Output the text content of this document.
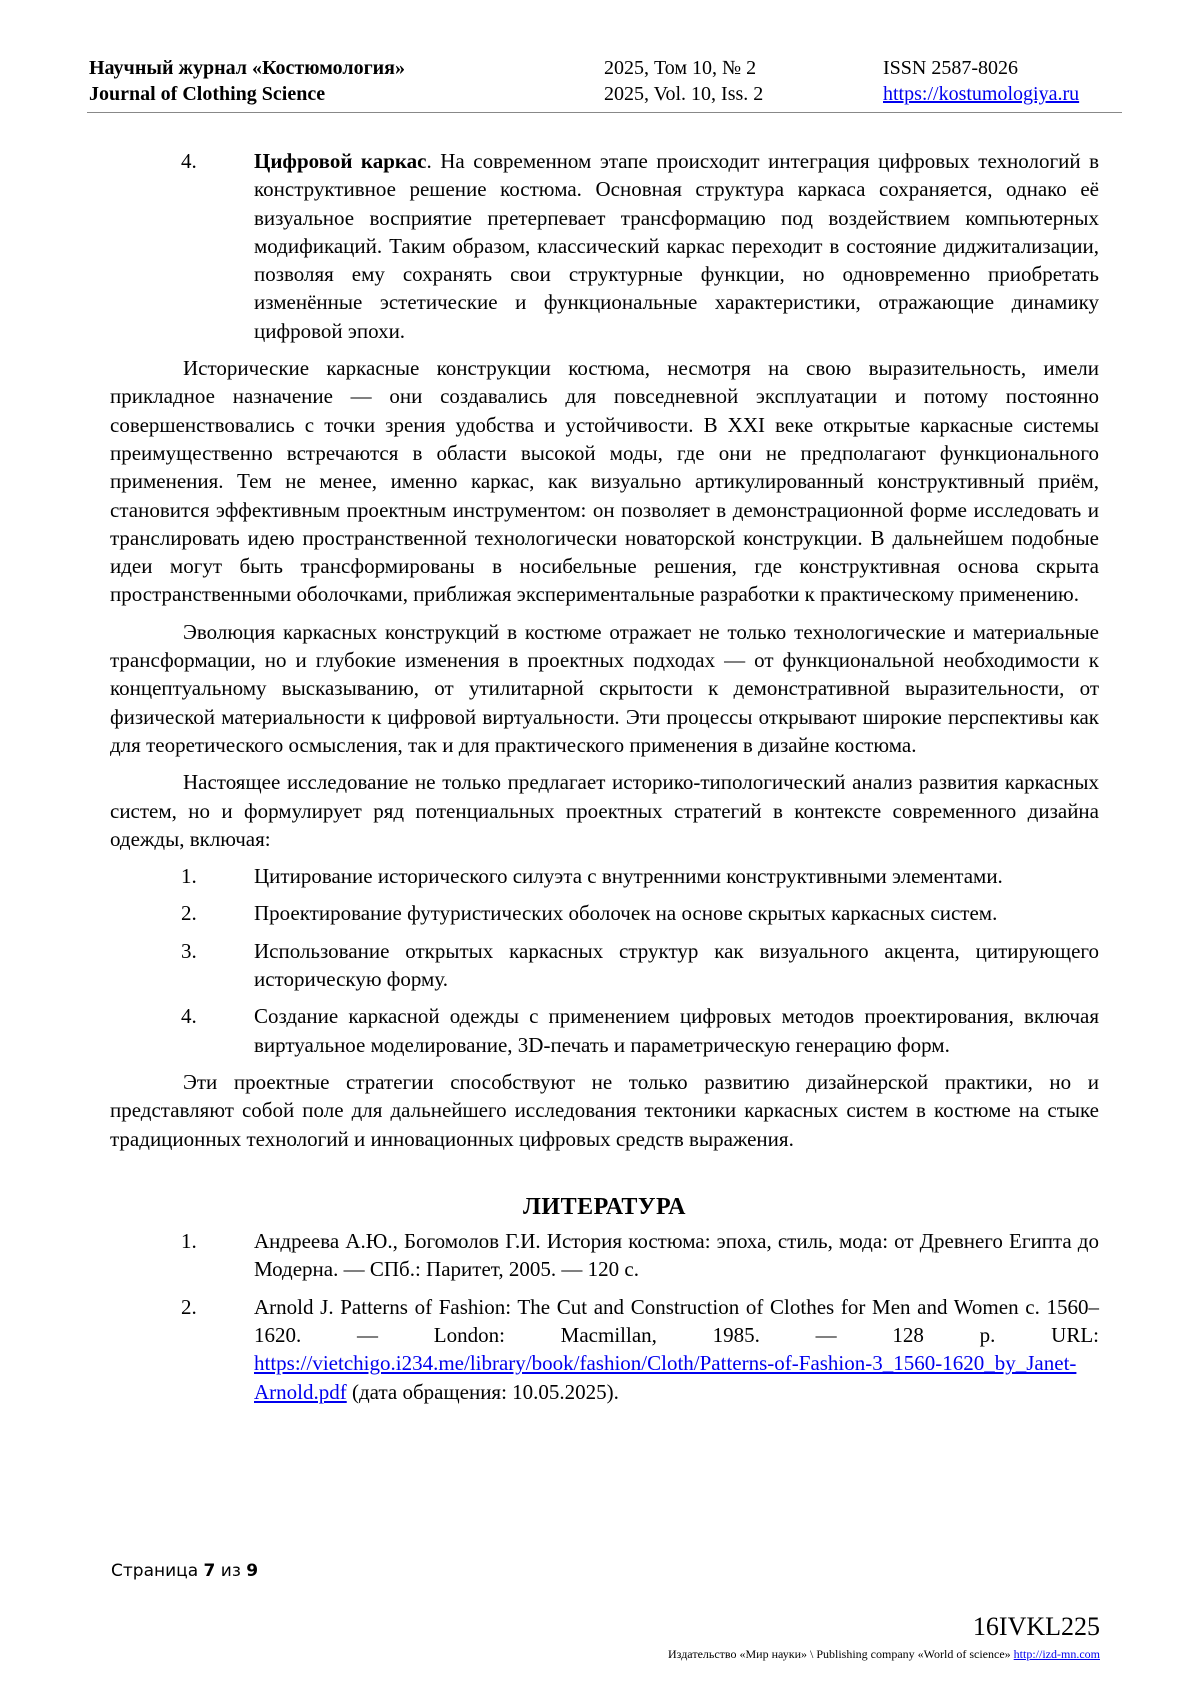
Научный журнал «Костюмология»
Journal of Clothing Science
2025, Том 10, № 2
2025, Vol. 10, Iss. 2
ISSN 2587-8026
https://kostumologiya.ru
4.	Цифровой каркас. На современном этапе происходит интеграция цифровых технологий в конструктивное решение костюма. Основная структура каркаса сохраняется, однако её визуальное восприятие претерпевает трансформацию под воздействием компьютерных модификаций. Таким образом, классический каркас переходит в состояние диджитализации, позволяя ему сохранять свои структурные функции, но одновременно приобретать изменённые эстетические и функциональные характеристики, отражающие динамику цифровой эпохи.

Исторические каркасные конструкции костюма, несмотря на свою выразительность, имели прикладное назначение — они создавались для повседневной эксплуатации и потому постоянно совершенствовались с точки зрения удобства и устойчивости. В XXI веке открытые каркасные системы преимущественно встречаются в области высокой моды, где они не предполагают функционального применения. Тем не менее, именно каркас, как визуально артикулированный конструктивный приём, становится эффективным проектным инструментом: он позволяет в демонстрационной форме исследовать и транслировать идею пространственной технологически новаторской конструкции. В дальнейшем подобные идеи могут быть трансформированы в носибельные решения, где конструктивная основа скрыта пространственными оболочками, приближая экспериментальные разработки к практическому применению.

Эволюция каркасных конструкций в костюме отражает не только технологические и материальные трансформации, но и глубокие изменения в проектных подходах — от функциональной необходимости к концептуальному высказыванию, от утилитарной скрытости к демонстративной выразительности, от физической материальности к цифровой виртуальности. Эти процессы открывают широкие перспективы как для теоретического осмысления, так и для практического применения в дизайне костюма.

Настоящее исследование не только предлагает историко-типологический анализ развития каркасных систем, но и формулирует ряд потенциальных проектных стратегий в контексте современного дизайна одежды, включая:

1.	Цитирование исторического силуэта с внутренними конструктивными элементами.
2.	Проектирование футуристических оболочек на основе скрытых каркасных систем.
3.	Использование открытых каркасных структур как визуального акцента, цитирующего историческую форму.
4.	Создание каркасной одежды с применением цифровых методов проектирования, включая виртуальное моделирование, 3D-печать и параметрическую генерацию форм.

Эти проектные стратегии способствуют не только развитию дизайнерской практики, но и представляют собой поле для дальнейшего исследования тектоники каркасных систем в костюме на стыке традиционных технологий и инновационных цифровых средств выражения.

ЛИТЕРАТУРА
1.	Андреева А.Ю., Богомолов Г.И. История костюма: эпоха, стиль, мода: от Древнего Египта до Модерна. — СПб.: Паритет, 2005. — 120 с.
2.	Arnold J. Patterns of Fashion: The Cut and Construction of Clothes for Men and Women c. 1560–1620. — London: Macmillan, 1985. — 128 p. URL: https://vietchigo.i234.me/library/book/fashion/Cloth/Patterns-of-Fashion-3_1560-1620_by_Janet-Arnold.pdf (дата обращения: 10.05.2025).
Страница 7 из 9
16IVKL225
Издательство «Мир науки» \ Publishing company «World of science» http://izd-mn.com
